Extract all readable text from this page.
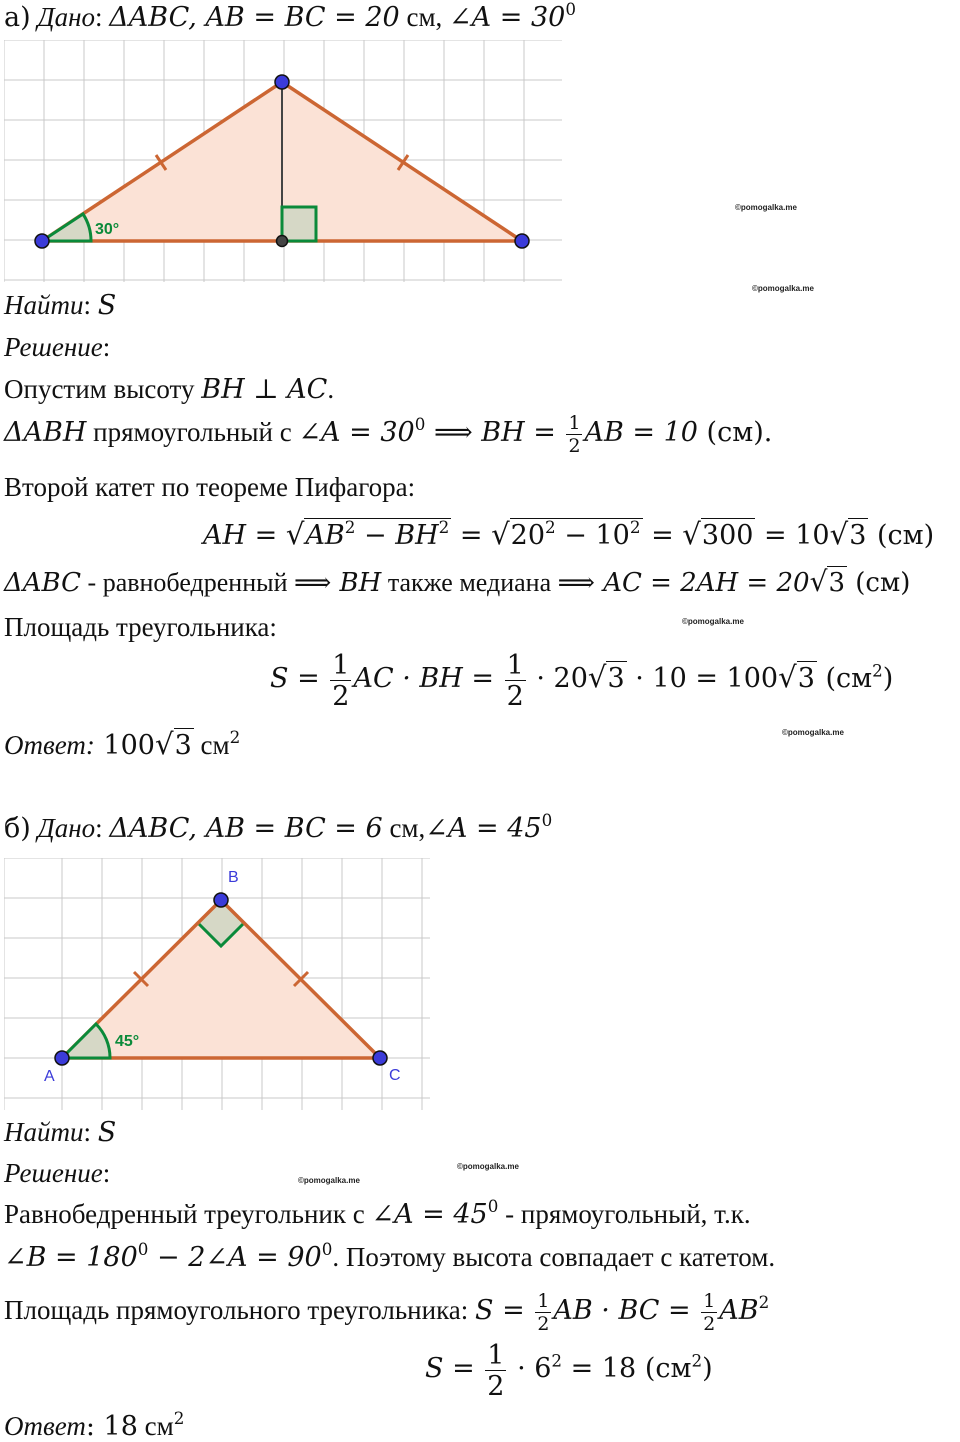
а) Дано: ΔABC, AB = BC = 20 см, ∠A = $30^0$
30°
©pomogalka.me
©pomogalka.me
Найти: S
Решение:
Опустим высоту BH ⊥ AC.
ΔABH прямоугольный с ∠A = $30^0$ ⟹ BH = $\frac{1}{2}$ AB = 10 (см).
Второй катет по теореме Пифагора:
AH = $√AB^2 - BH^2 = √20^2 - 10^2 = √300 = 10√3$ (см)
ΔABC - равнобедренный ⟹ BH также медиана ⟹ AC = 2AH = 20√3 (см)
Площадь треугольника:	©pomogalka.me
$S = \frac{1}{2}$ AC · BH = $\frac{1}{2} \cdot 20√3 \cdot 10 = 100√3$ $(см^2)$
Ответ: 100√3 $см^2$	©pomogalka.me
б) Дано: ΔABC, AB = BC = 6 см,∠A = $45^0$
45°
A
B
C
Найти: S
Решение:	©pomogalka.me
©pomogalka.me
Равнобедренный треугольник с ∠A = $45^0$ - прямоугольный, т.к.
∠B = $180^0$ − 2∠A = $90^0$. Поэтому высота совпадает с катетом.
Площадь прямоугольного треугольника: $S = \frac{1}{2}$ AB · BC = $\frac{1}{2} AB^2$
$S = \frac{1}{2} \cdot 6^2 = 18$ $(см^2)$
Ответ: 18 $см^2$
